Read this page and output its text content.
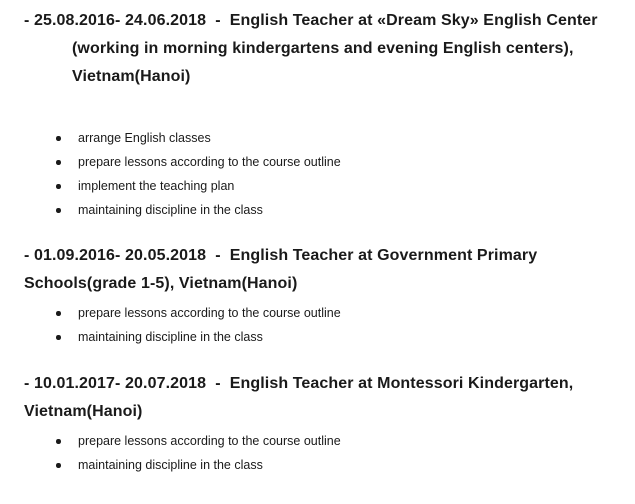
- 25.08.2016- 24.06.2018  -  English Teacher at «Dream Sky» English Center
(working in morning kindergartens and evening English centers),
Vietnam(Hanoi)
arrange English classes
prepare lessons according to the course outline
implement the teaching plan
maintaining discipline in the class
- 01.09.2016- 20.05.2018  -  English Teacher at Government Primary
Schools(grade 1-5), Vietnam(Hanoi)
prepare lessons according to the course outline
maintaining discipline in the class
- 10.01.2017- 20.07.2018  -  English Teacher at Montessori Kindergarten,
Vietnam(Hanoi)
prepare lessons according to the course outline
maintaining discipline in the class
